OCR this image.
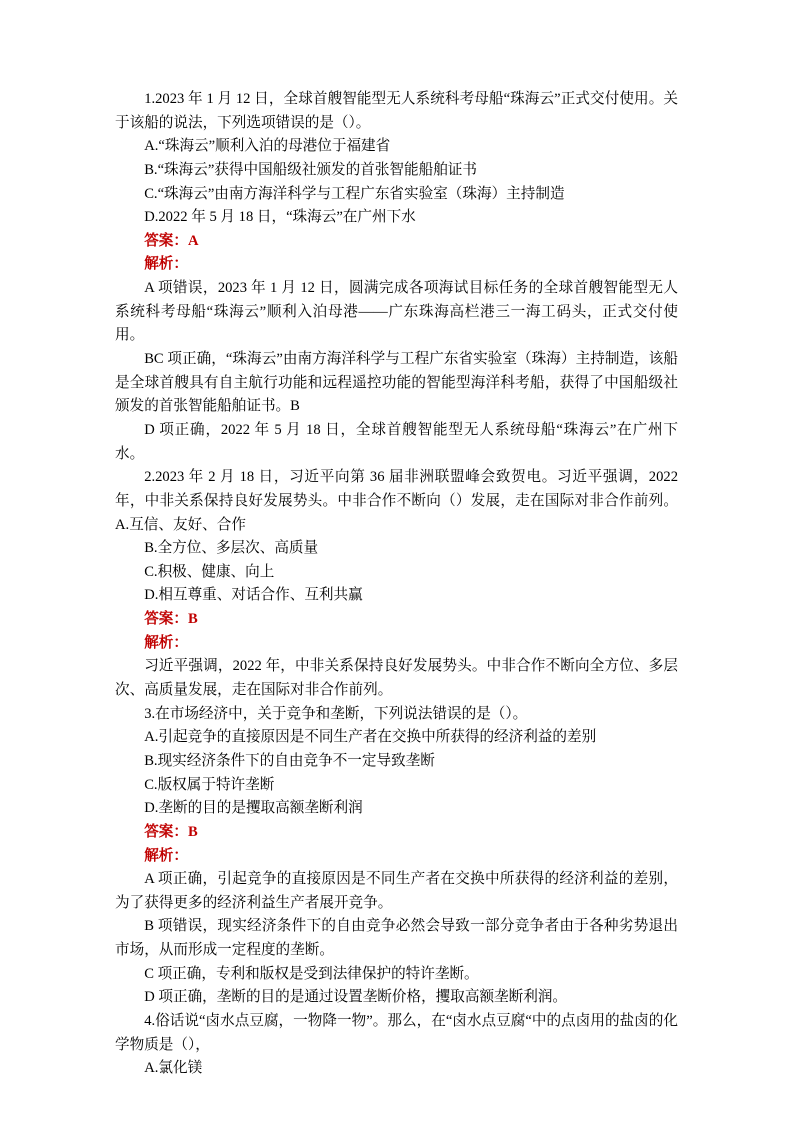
1.2023 年 1 月 12 日，全球首艘智能型无人系统科考母船“珠海云”正式交付使用。关于该船的说法，下列选项错误的是（）。

A.“珠海云”顺利入泊的母港位于福建省

B.“珠海云”获得中国船级社颁发的首张智能船舶证书

C.“珠海云”由南方海洋科学与工程广东省实验室（珠海）主持制造

D.2022 年 5 月 18 日，“珠海云”在广州下水

答案：A

解析：

A 项错误，2023 年 1 月 12 日，圆满完成各项海试目标任务的全球首艘智能型无人系统科考母船“珠海云”顺利入泊母港——广东珠海高栏港三一海工码头，正式交付使用。

BC 项正确，“珠海云”由南方海洋科学与工程广东省实验室（珠海）主持制造，该船是全球首艘具有自主航行功能和远程遥控功能的智能型海洋科考船，获得了中国船级社颁发的首张智能船舶证书。B

D 项正确，2022 年 5 月 18 日，全球首艘智能型无人系统母船“珠海云”在广州下水。

2.2023 年 2 月 18 日，习近平向第 36 届非洲联盟峰会致贺电。习近平强调，2022 年，中非关系保持良好发展势头。中非合作不断向（）发展，走在国际对非合作前列。 A.互信、友好、合作

B.全方位、多层次、高质量

C.积极、健康、向上

D.相互尊重、对话合作、互利共赢

答案：B

解析：

习近平强调，2022 年，中非关系保持良好发展势头。中非合作不断向全方位、多层次、高质量发展，走在国际对非合作前列。

3.在市场经济中，关于竞争和垄断，下列说法错误的是（）。

A.引起竞争的直接原因是不同生产者在交换中所获得的经济利益的差别

B.现实经济条件下的自由竞争不一定导致垄断

C.版权属于特许垄断

D.垄断的目的是攫取高额垄断利润

答案：B

解析：

A 项正确，引起竞争的直接原因是不同生产者在交换中所获得的经济利益的差别，为了获得更多的经济利益生产者展开竞争。

B 项错误，现实经济条件下的自由竞争必然会导致一部分竞争者由于各种劣势退出市场，从而形成一定程度的垄断。

C 项正确，专利和版权是受到法律保护的特许垄断。

D 项正确，垄断的目的是通过设置垄断价格，攫取高额垄断利润。

4.俗话说“卤水点豆腐，一物降一物”。那么，在“卤水点豆腐“中的点卤用的盐卤的化学物质是（），

A.氯化镁
